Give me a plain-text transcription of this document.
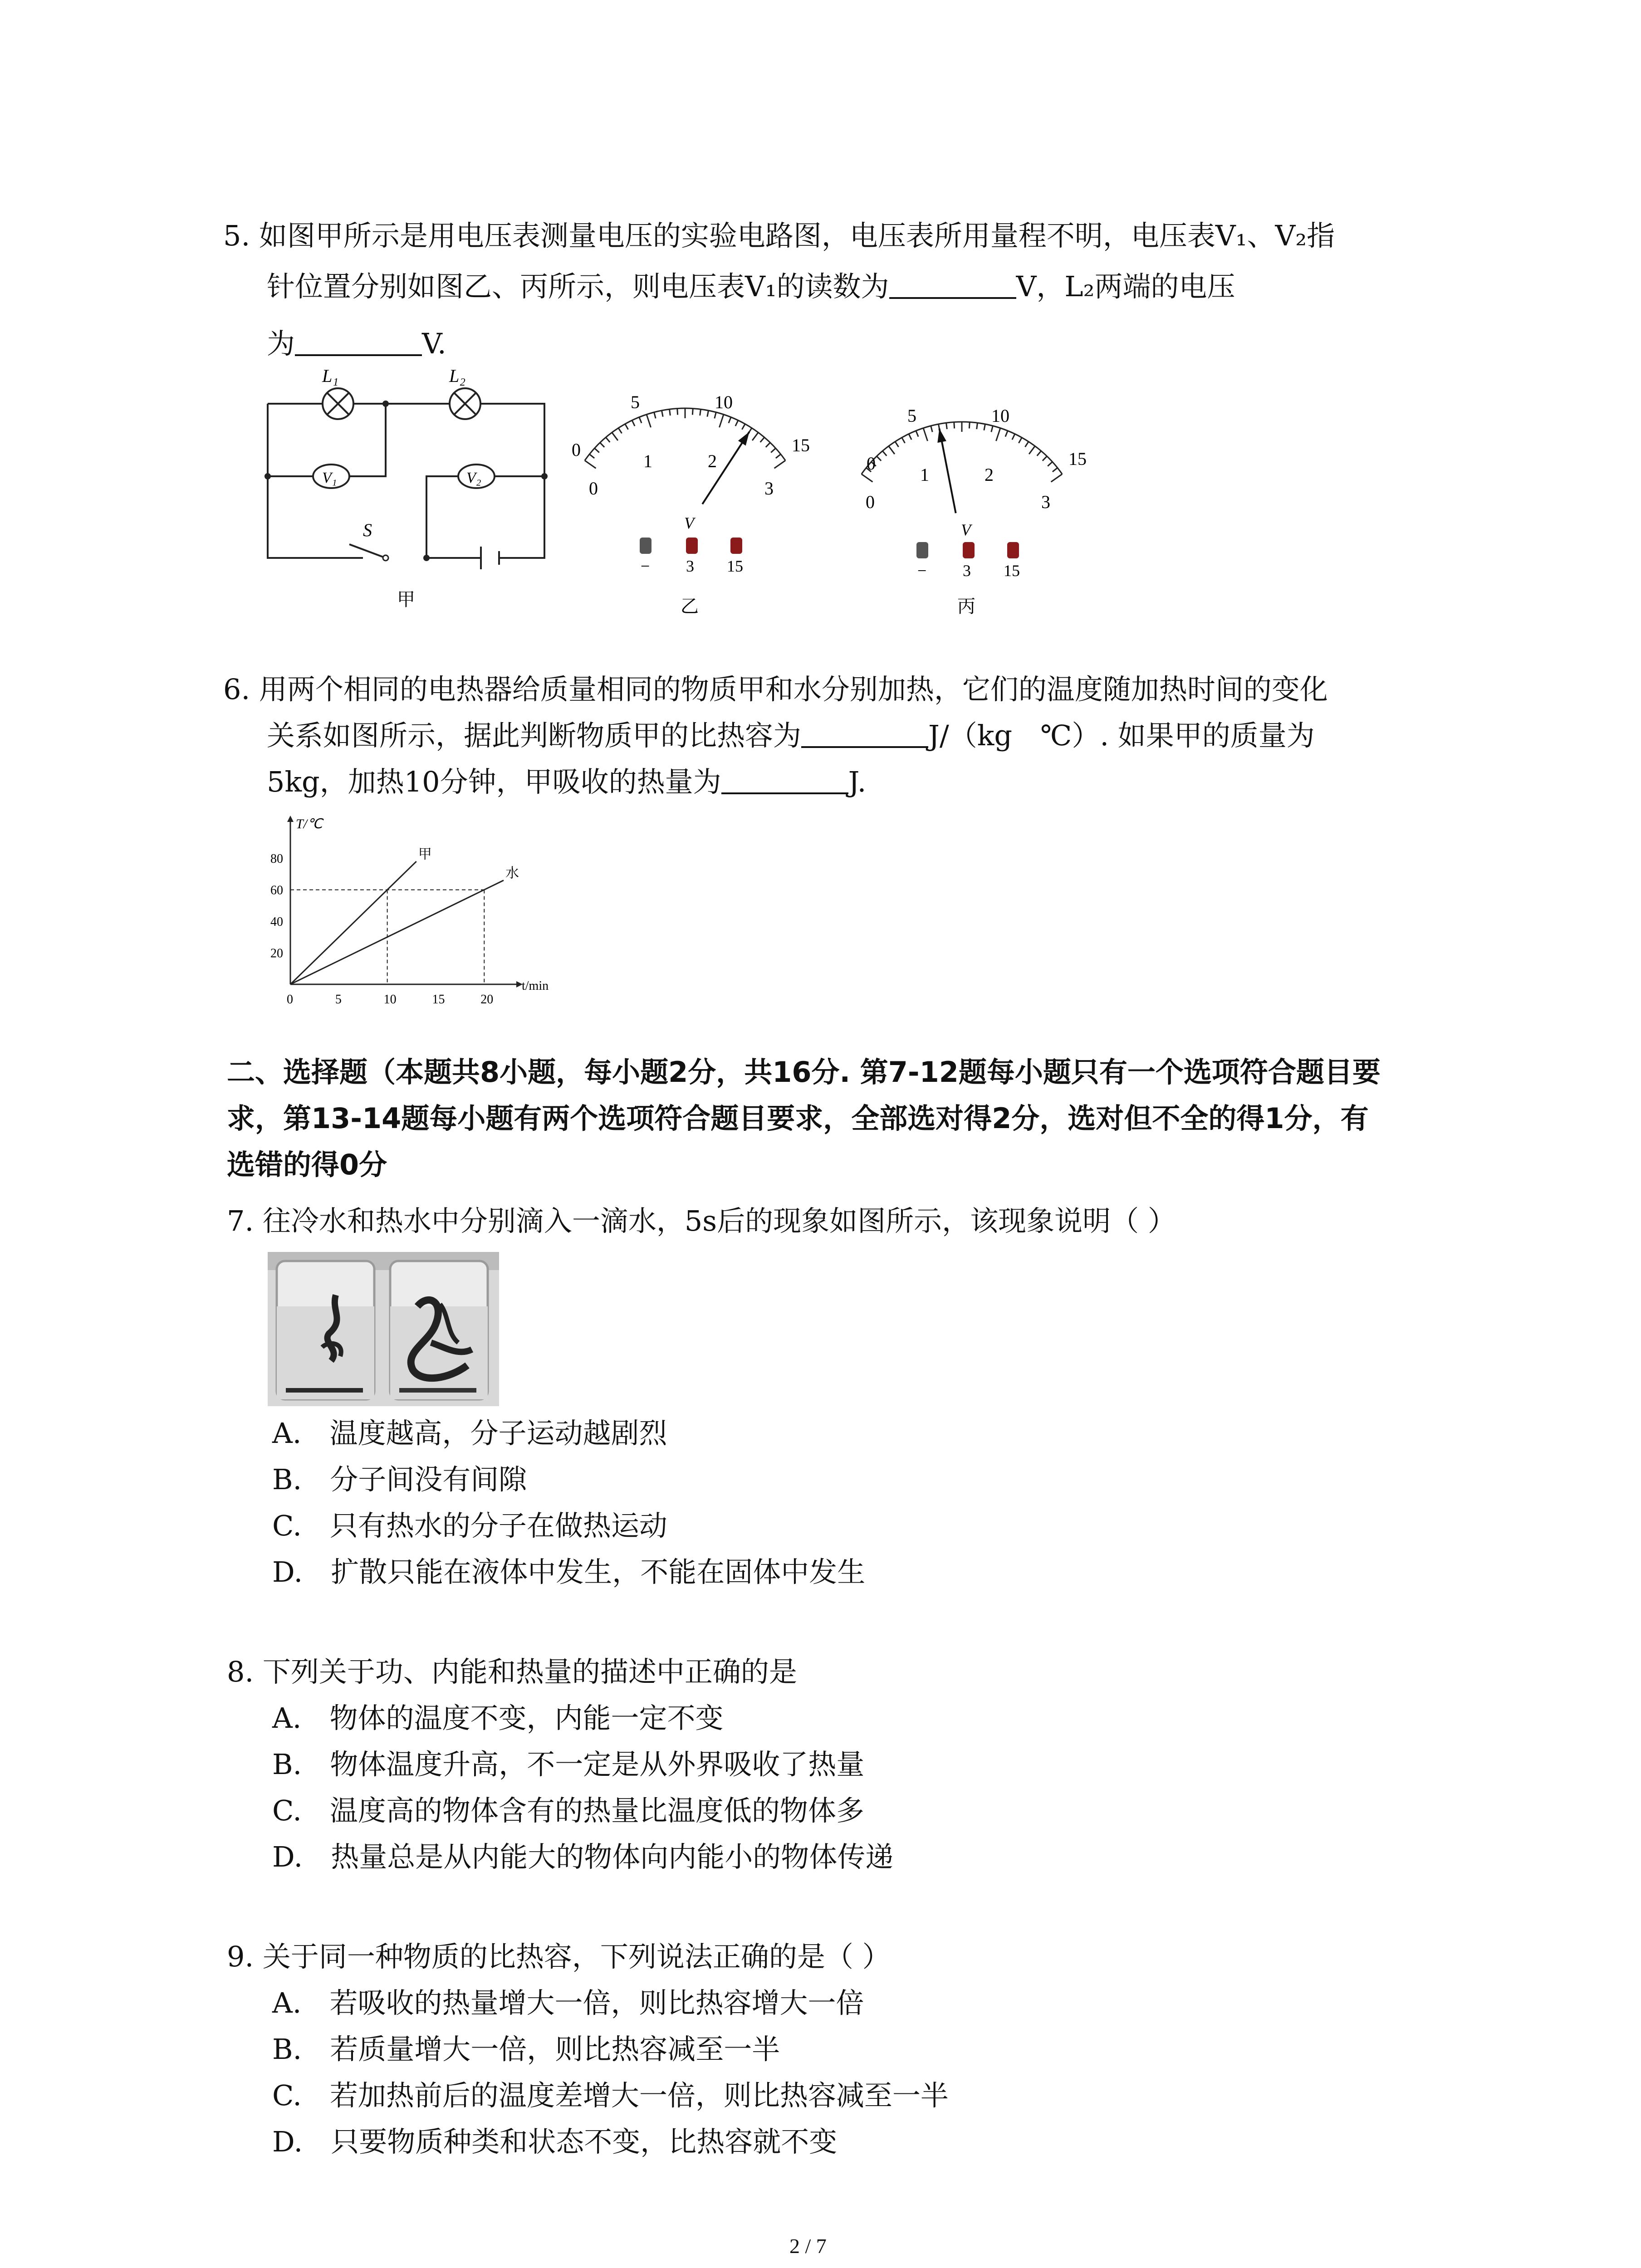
5. 如图甲所示是用电压表测量电压的实验电路图，电压表所用量程不明，电压表V₁、V₂指
针位置分别如图乙、丙所示，则电压表V₁的读数为	V，L₂两端的电压
为	V.
L₁	L₂
V₁	V₂
S
甲
0
5	10
15
0
1	2
3
V
− 3 15
乙
0
5	10
15
0
1	2
3
V
− 3 15
丙
6. 用两个相同的电热器给质量相同的物质甲和水分别加热，它们的温度随加热时间的变化
关系如图所示，据此判断物质甲的比热容为	J/（kg　℃）. 如果甲的质量为
5kg，加热10分钟，甲吸收的热量为	J.
T/℃
t/min
0	5	10	15	20
20
40
60
80	甲
水
二、选择题（本题共8小题，每小题2分，共16分. 第7-12题每小题只有一个选项符合题目要
求，第13-14题每小题有两个选项符合题目要求，全部选对得2分，选对但不全的得1分，有
选错的得0分
7. 往冷水和热水中分别滴入一滴水，5s后的现象如图所示，该现象说明（ ）
A.　温度越高，分子运动越剧烈
B.　分子间没有间隙
C.　只有热水的分子在做热运动
D.　扩散只能在液体中发生，不能在固体中发生
8. 下列关于功、内能和热量的描述中正确的是
A.　物体的温度不变，内能一定不变
B.　物体温度升高，不一定是从外界吸收了热量
C.　温度高的物体含有的热量比温度低的物体多
D.　热量总是从内能大的物体向内能小的物体传递
9. 关于同一种物质的比热容，下列说法正确的是（ ）
A.　若吸收的热量增大一倍，则比热容增大一倍
B.　若质量增大一倍，则比热容减至一半
C.　若加热前后的温度差增大一倍，则比热容减至一半
D.　只要物质种类和状态不变，比热容就不变
2 / 7
